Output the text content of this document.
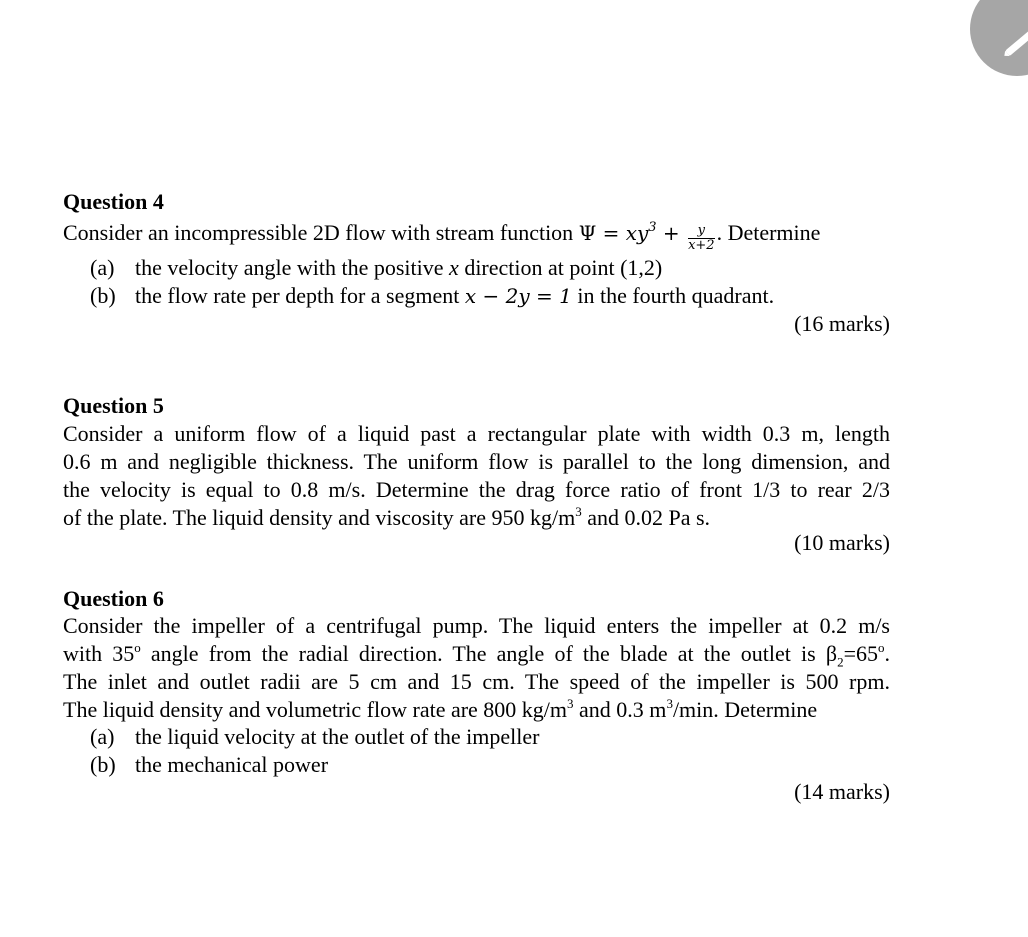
Question 4
Consider an incompressible 2D flow with stream function $\Psi = xy^3 + \frac{y}{x+2}$ . Determine
(a) the velocity angle with the positive x direction at point (1,2)
(b) the flow rate per depth for a segment x − 2y = 1 in the fourth quadrant.
(16 marks)
Question 5
Consider a uniform flow of a liquid past a rectangular plate with width 0.3 m, length
0.6 m and negligible thickness. The uniform flow is parallel to the long dimension, and
the velocity is equal to 0.8 m/s. Determine the drag force ratio of front 1/3 to rear 2/3
of the plate. The liquid density and viscosity are 950 $kg/m^3$ and 0.02 Pa s.
(10 marks)
Question 6
Consider the impeller of a centrifugal pump. The liquid enters the impeller at 0.2 m/s
with 35$^o$ angle from the radial direction. The angle of the blade at the outlet is $\beta_2=65^o$.
The inlet and outlet radii are 5 cm and 15 cm. The speed of the impeller is 500 rpm.
The liquid density and volumetric flow rate are 800 $kg/m^3$ and 0.3 $m^3/\min$. Determine
(a) the liquid velocity at the outlet of the impeller
(b) the mechanical power
(14 marks)
